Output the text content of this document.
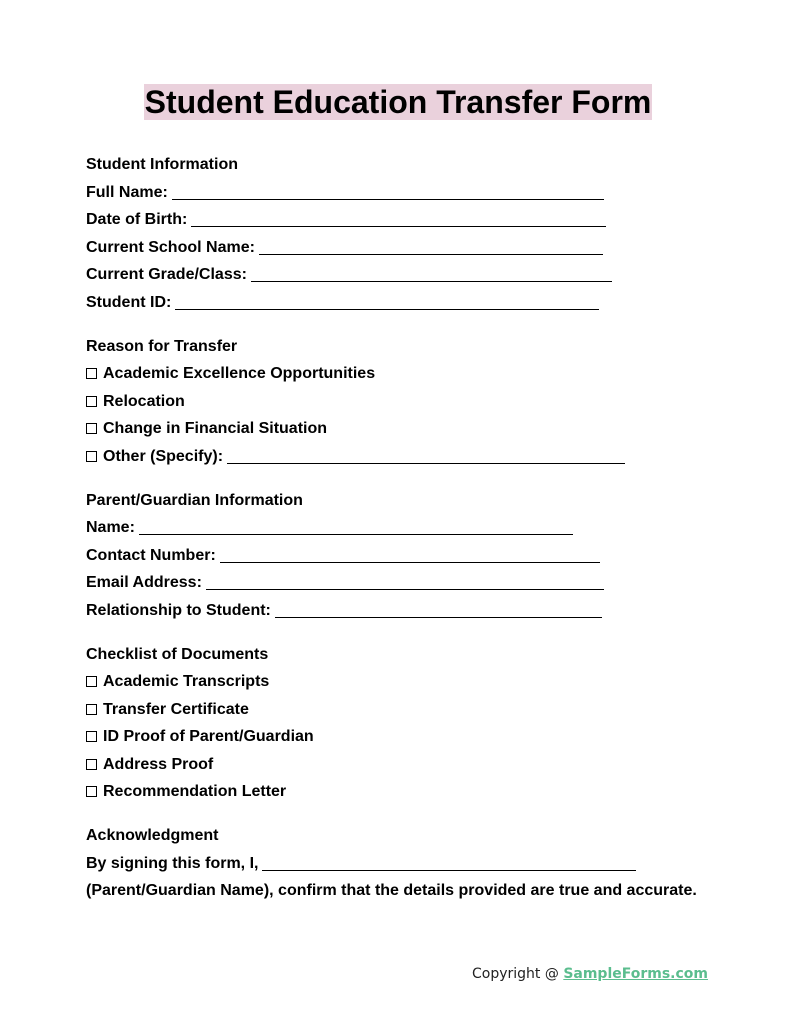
Student Education Transfer Form
Student Information
Full Name:
Date of Birth:
Current School Name:
Current Grade/Class:
Student ID:
Reason for Transfer
Academic Excellence Opportunities
Relocation
Change in Financial Situation
Other (Specify):
Parent/Guardian Information
Name:
Contact Number:
Email Address:
Relationship to Student:
Checklist of Documents
Academic Transcripts
Transfer Certificate
ID Proof of Parent/Guardian
Address Proof
Recommendation Letter
Acknowledgment
By signing this form, I,
(Parent/Guardian Name), confirm that the details provided are true and accurate.
Copyright @ SampleForms.com
